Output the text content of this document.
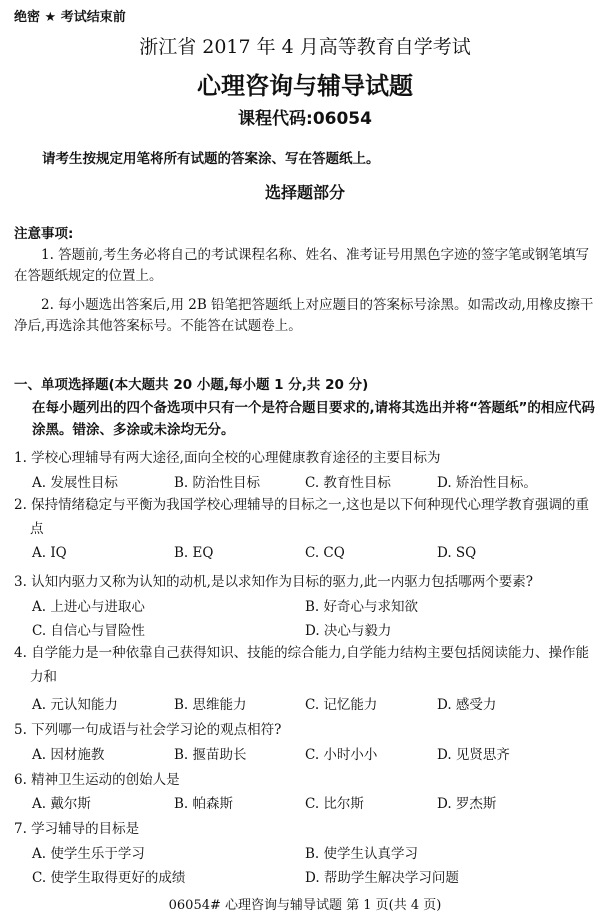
绝密 ★ 考试结束前
浙江省 2017 年 4 月高等教育自学考试
心理咨询与辅导试题
课程代码:06054
请考生按规定用笔将所有试题的答案涂、写在答题纸上。
选择题部分
注意事项:
1. 答题前,考生务必将自己的考试课程名称、姓名、准考证号用黑色字迹的签字笔或钢笔填写在答题纸规定的位置上。
2. 每小题选出答案后,用 2B 铅笔把答题纸上对应题目的答案标号涂黑。如需改动,用橡皮擦干净后,再选涂其他答案标号。不能答在试题卷上。
一、单项选择题(本大题共 20 小题,每小题 1 分,共 20 分)
在每小题列出的四个备选项中只有一个是符合题目要求的,请将其选出并将“答题纸”的相应代码涂黑。错涂、多涂或未涂均无分。
1. 学校心理辅导有两大途径,面向全校的心理健康教育途径的主要目标为
A. 发展性目标	B. 防治性目标	C. 教育性目标	D. 矫治性目标。
2. 保持情绪稳定与平衡为我国学校心理辅导的目标之一,这也是以下何种现代心理学教育强调的重点
A. IQ	B. EQ	C. CQ	D. SQ
3. 认知内驱力又称为认知的动机,是以求知作为目标的驱力,此一内驱力包括哪两个要素?
A. 上进心与进取心	B. 好奇心与求知欲
C. 自信心与冒险性	D. 决心与毅力
4. 自学能力是一种依靠自己获得知识、技能的综合能力,自学能力结构主要包括阅读能力、操作能力和
A. 元认知能力	B. 思维能力	C. 记忆能力	D. 感受力
5. 下列哪一句成语与社会学习论的观点相符?
A. 因材施教	B. 揠苗助长	C. 小时小小	D. 见贤思齐
6. 精神卫生运动的创始人是
A. 戴尔斯	B. 帕森斯	C. 比尔斯	D. 罗杰斯
7. 学习辅导的目标是
A. 使学生乐于学习	B. 使学生认真学习
C. 使学生取得更好的成绩	D. 帮助学生解决学习问题
06054# 心理咨询与辅导试题 第 1 页(共 4 页)
